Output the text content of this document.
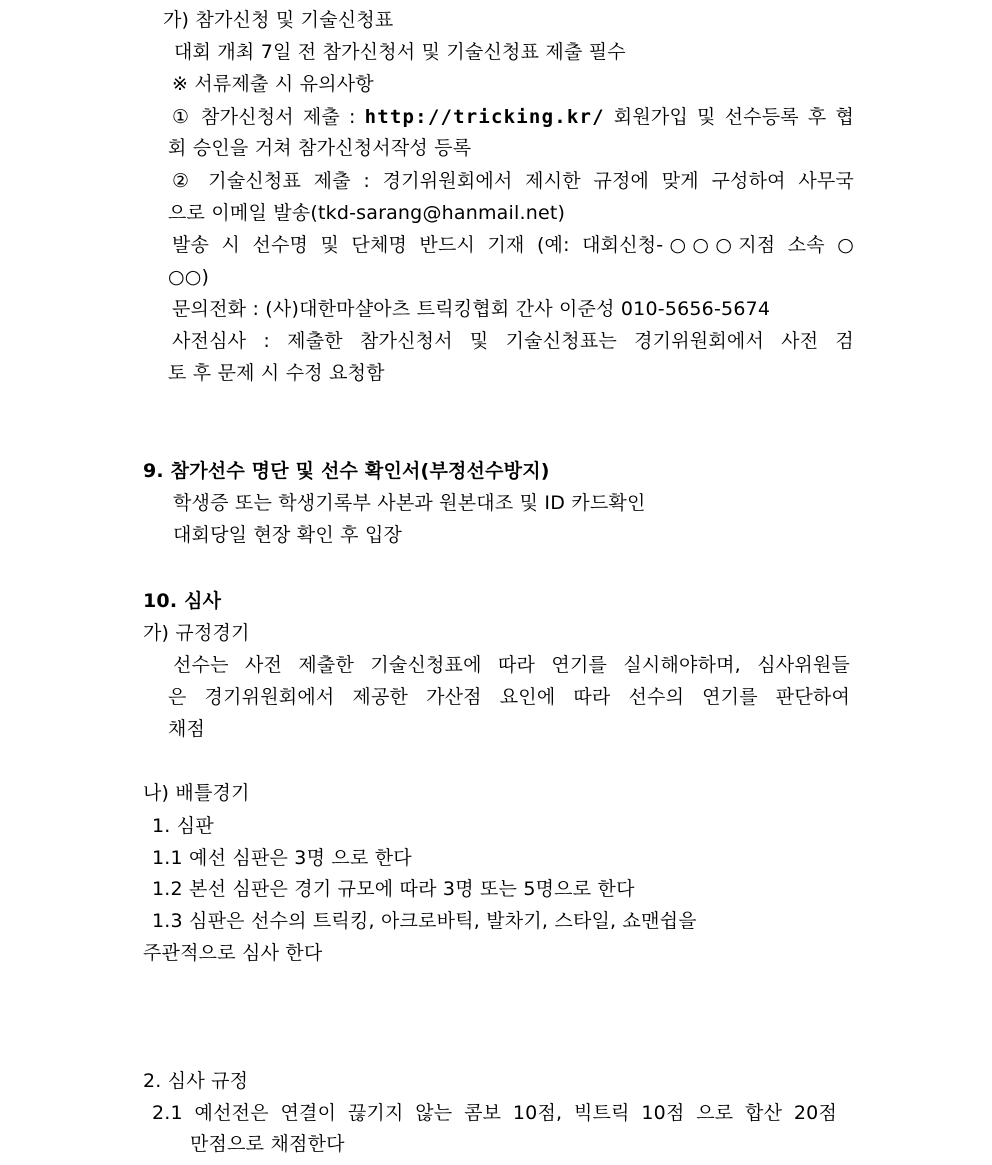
가) 참가신청 및 기술신청표
대회 개최 7일 전 참가신청서 및 기술신청표 제출 필수
※ 서류제출 시 유의사항
① 참가신청서 제출 : http://tricking.kr/ 회원가입 및 선수등록 후 협
회 승인을 거쳐 참가신청서작성 등록
② 기술신청표 제출 : 경기위원회에서 제시한 규정에 맞게 구성하여 사무국
으로 이메일 발송(tkd-sarang@hanmail.net)
발송 시 선수명 및 단체명 반드시 기재 (예: 대회신청-○○○지점 소속 ○
○○)
문의전화 : (사)대한마샬아츠 트릭킹협회 간사 이준성 010-5656-5674
사전심사 : 제출한 참가신청서 및 기술신청표는 경기위원회에서 사전 검
토 후 문제 시 수정 요청함
9. 참가선수 명단 및 선수 확인서(부정선수방지)
학생증 또는 학생기록부 사본과 원본대조 및 ID 카드확인
대회당일 현장 확인 후 입장
10. 심사
가) 규정경기
선수는 사전 제출한 기술신청표에 따라 연기를 실시해야하며, 심사위원들
은 경기위원회에서 제공한 가산점 요인에 따라 선수의 연기를 판단하여
채점
나) 배틀경기
1. 심판
1.1 예선 심판은 3명 으로 한다
1.2 본선 심판은 경기 규모에 따라 3명 또는 5명으로 한다
1.3 심판은 선수의 트릭킹, 아크로바틱, 발차기, 스타일, 쇼맨쉽을
주관적으로 심사 한다
2. 심사 규정
2.1 예선전은 연결이 끊기지 않는 콤보 10점, 빅트릭 10점 으로 합산 20점
만점으로 채점한다
